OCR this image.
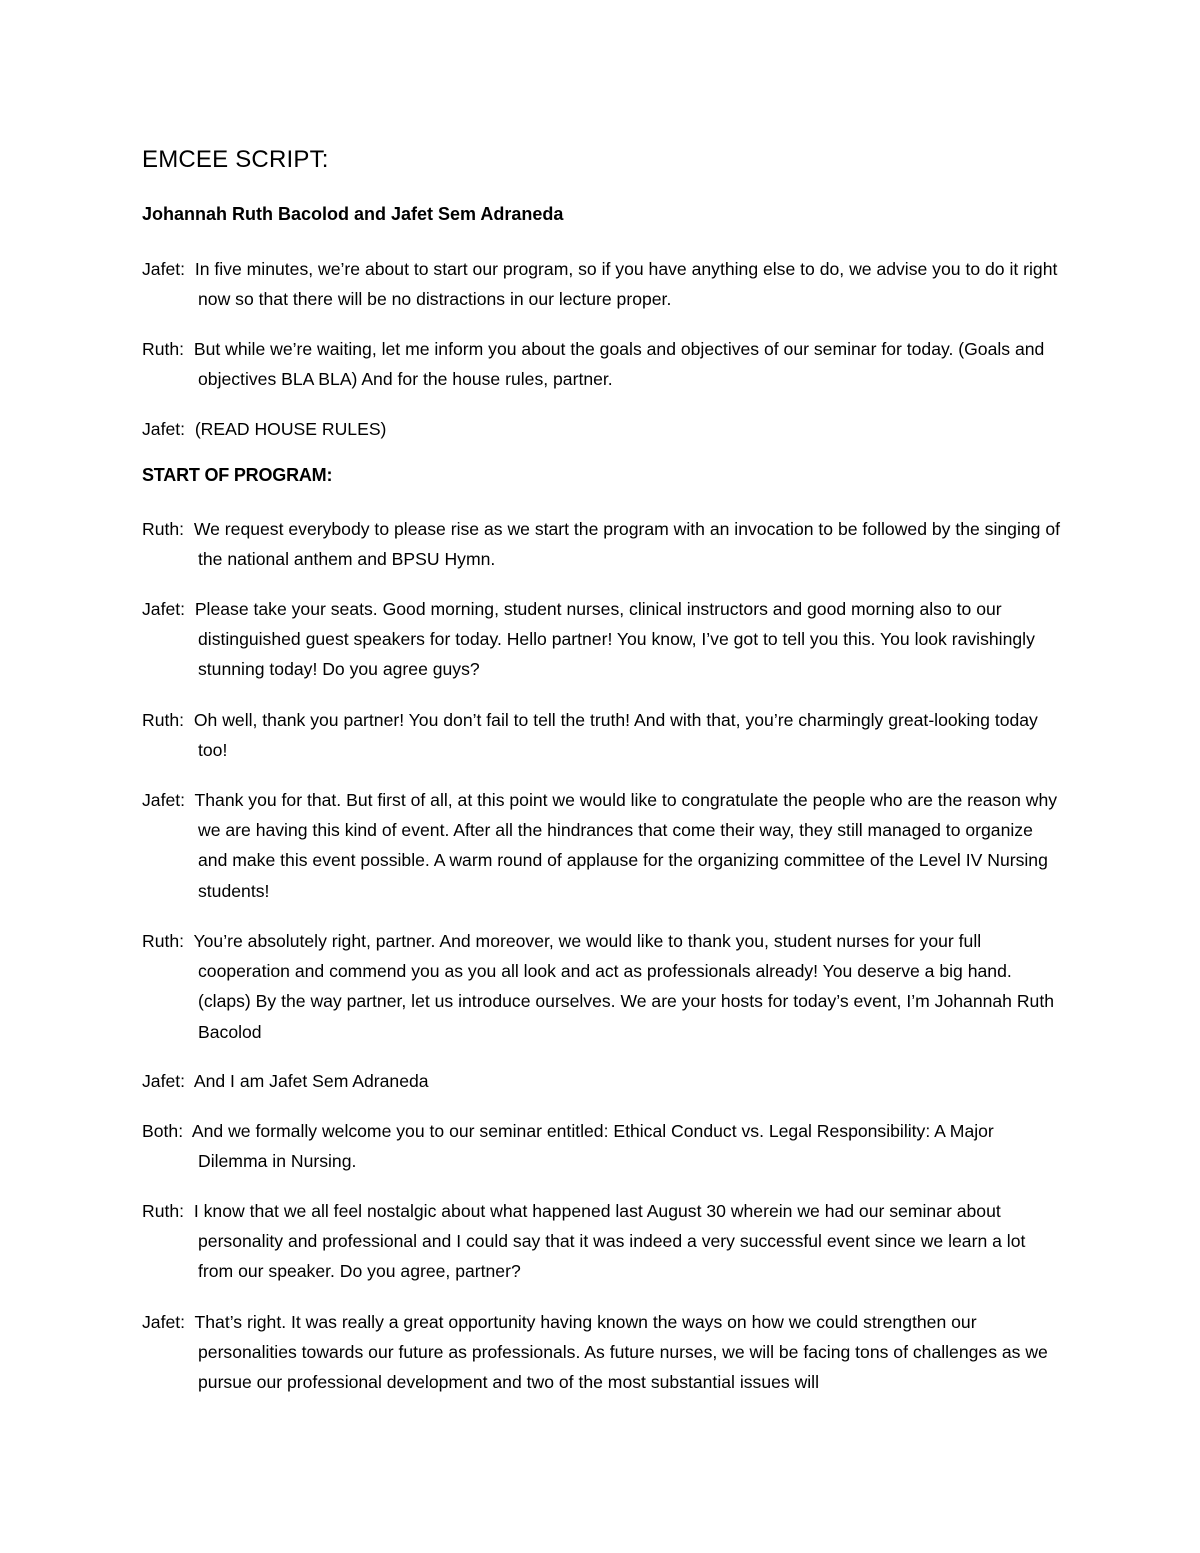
EMCEE SCRIPT:
Johannah Ruth Bacolod and Jafet Sem Adraneda
Jafet:  In five minutes, we’re about to start our program, so if you have anything else to do, we advise you to do it right now so that there will be no distractions in our lecture proper.
Ruth:  But while we’re waiting, let me inform you about the goals and objectives of our seminar for today. (Goals and objectives BLA BLA) And for the house rules, partner.
Jafet:  (READ HOUSE RULES)
START OF PROGRAM:
Ruth:  We request everybody to please rise as we start the program with an invocation to be followed by the singing of the national anthem and BPSU Hymn.
Jafet:  Please take your seats. Good morning, student nurses, clinical instructors and good morning also to our distinguished guest speakers for today. Hello partner! You know, I’ve got to tell you this. You look ravishingly stunning today! Do you agree guys?
Ruth:  Oh well, thank you partner! You don’t fail to tell the truth! And with that, you’re charmingly great-looking today too!
Jafet:  Thank you for that. But first of all, at this point we would like to congratulate the people who are the reason why we are having this kind of event. After all the hindrances that come their way, they still managed to organize and make this event possible. A warm round of applause for the organizing committee of the Level IV Nursing students!
Ruth:  You’re absolutely right, partner. And moreover, we would like to thank you, student nurses for your full cooperation and commend you as you all look and act as professionals already! You deserve a big hand. (claps) By the way partner, let us introduce ourselves. We are your hosts for today’s event, I’m Johannah Ruth Bacolod
Jafet:  And I am Jafet Sem Adraneda
Both:  And we formally welcome you to our seminar entitled: Ethical Conduct vs. Legal Responsibility: A Major Dilemma in Nursing.
Ruth:  I know that we all feel nostalgic about what happened last August 30 wherein we had our seminar about personality and professional and I could say that it was indeed a very successful event since we learn a lot from our speaker. Do you agree, partner?
Jafet:  That’s right. It was really a great opportunity having known the ways on how we could strengthen our personalities towards our future as professionals. As future nurses, we will be facing tons of challenges as we pursue our professional development and two of the most substantial issues will
